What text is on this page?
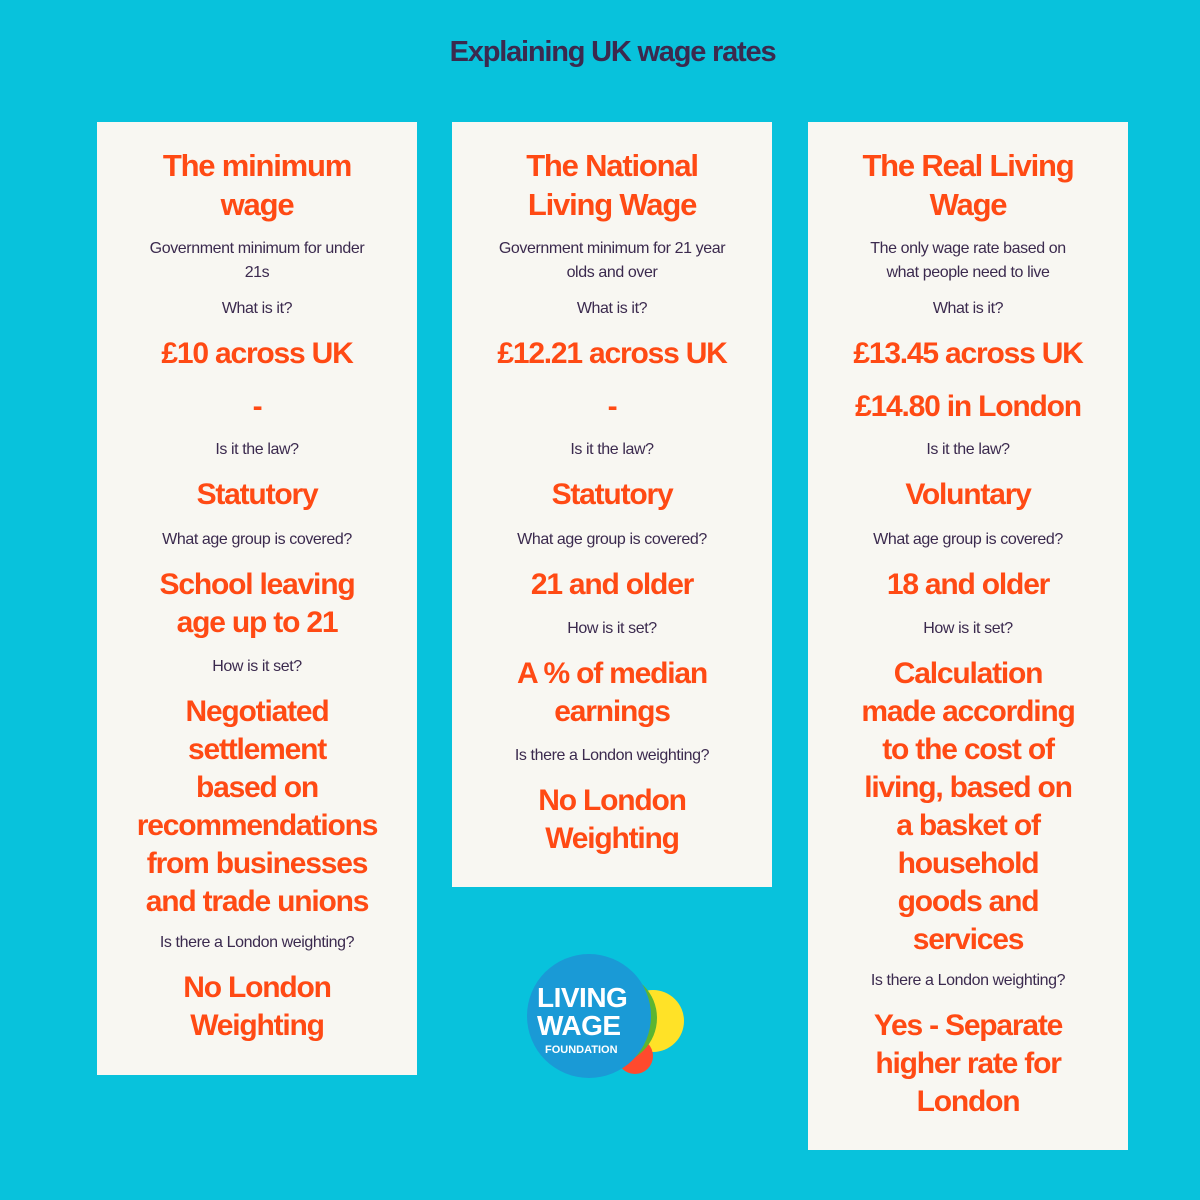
Explaining UK wage rates
The minimum
wage
Government minimum for under
21s
What is it?
£10 across UK
-
Is it the law?
Statutory
What age group is covered?
School leaving
age up to 21
How is it set?
Negotiated
settlement
based on
recommendations
from businesses
and trade unions
Is there a London weighting?
No London
Weighting
The National
Living Wage
Government minimum for 21 year
olds and over
What is it?
£12.21 across UK
-
Is it the law?
Statutory
What age group is covered?
21 and older
How is it set?
A % of median
earnings
Is there a London weighting?
No London
Weighting
The Real Living
Wage
The only wage rate based on
what people need to live
What is it?
£13.45 across UK
£14.80 in London
Is it the law?
Voluntary
What age group is covered?
18 and older
How is it set?
Calculation
made according
to the cost of
living, based on
a basket of
household
goods and
services
Is there a London weighting?
Yes - Separate
higher rate for
London
LIVING
WAGE
FOUNDATION
